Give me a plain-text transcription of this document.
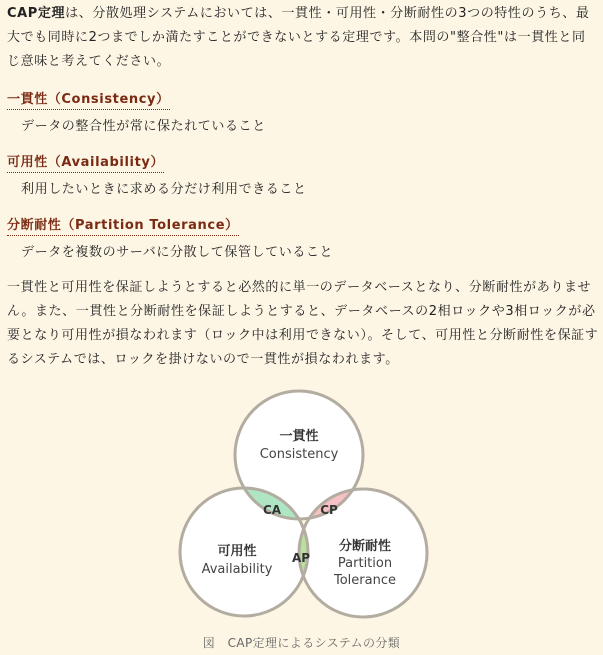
CAP定理は、分散処理システムにおいては、一貫性・可用性・分断耐性の3つの特性のうち、最大でも同時に2つまでしか満たすことができないとする定理です。本問の"整合性"は一貫性と同じ意味と考えてください。

一貫性（Consistency）

データの整合性が常に保たれていること

可用性（Availability）

利用したいときに求める分だけ利用できること

分断耐性（Partition Tolerance）

データを複数のサーバに分散して保管していること

一貫性と可用性を保証しようとすると必然的に単一のデータベースとなり、分断耐性がありません。また、一貫性と分断耐性を保証しようとすると、データベースの2相ロックや3相ロックが必要となり可用性が損なわれます（ロック中は利用できない）。そして、可用性と分断耐性を保証するシステムでは、ロックを掛けないので一貫性が損なわれます。

一貫性
Consistency
可用性
Availability
分断耐性
Partition
Tolerance
CA	CP
AP
図　CAP定理によるシステムの分類
